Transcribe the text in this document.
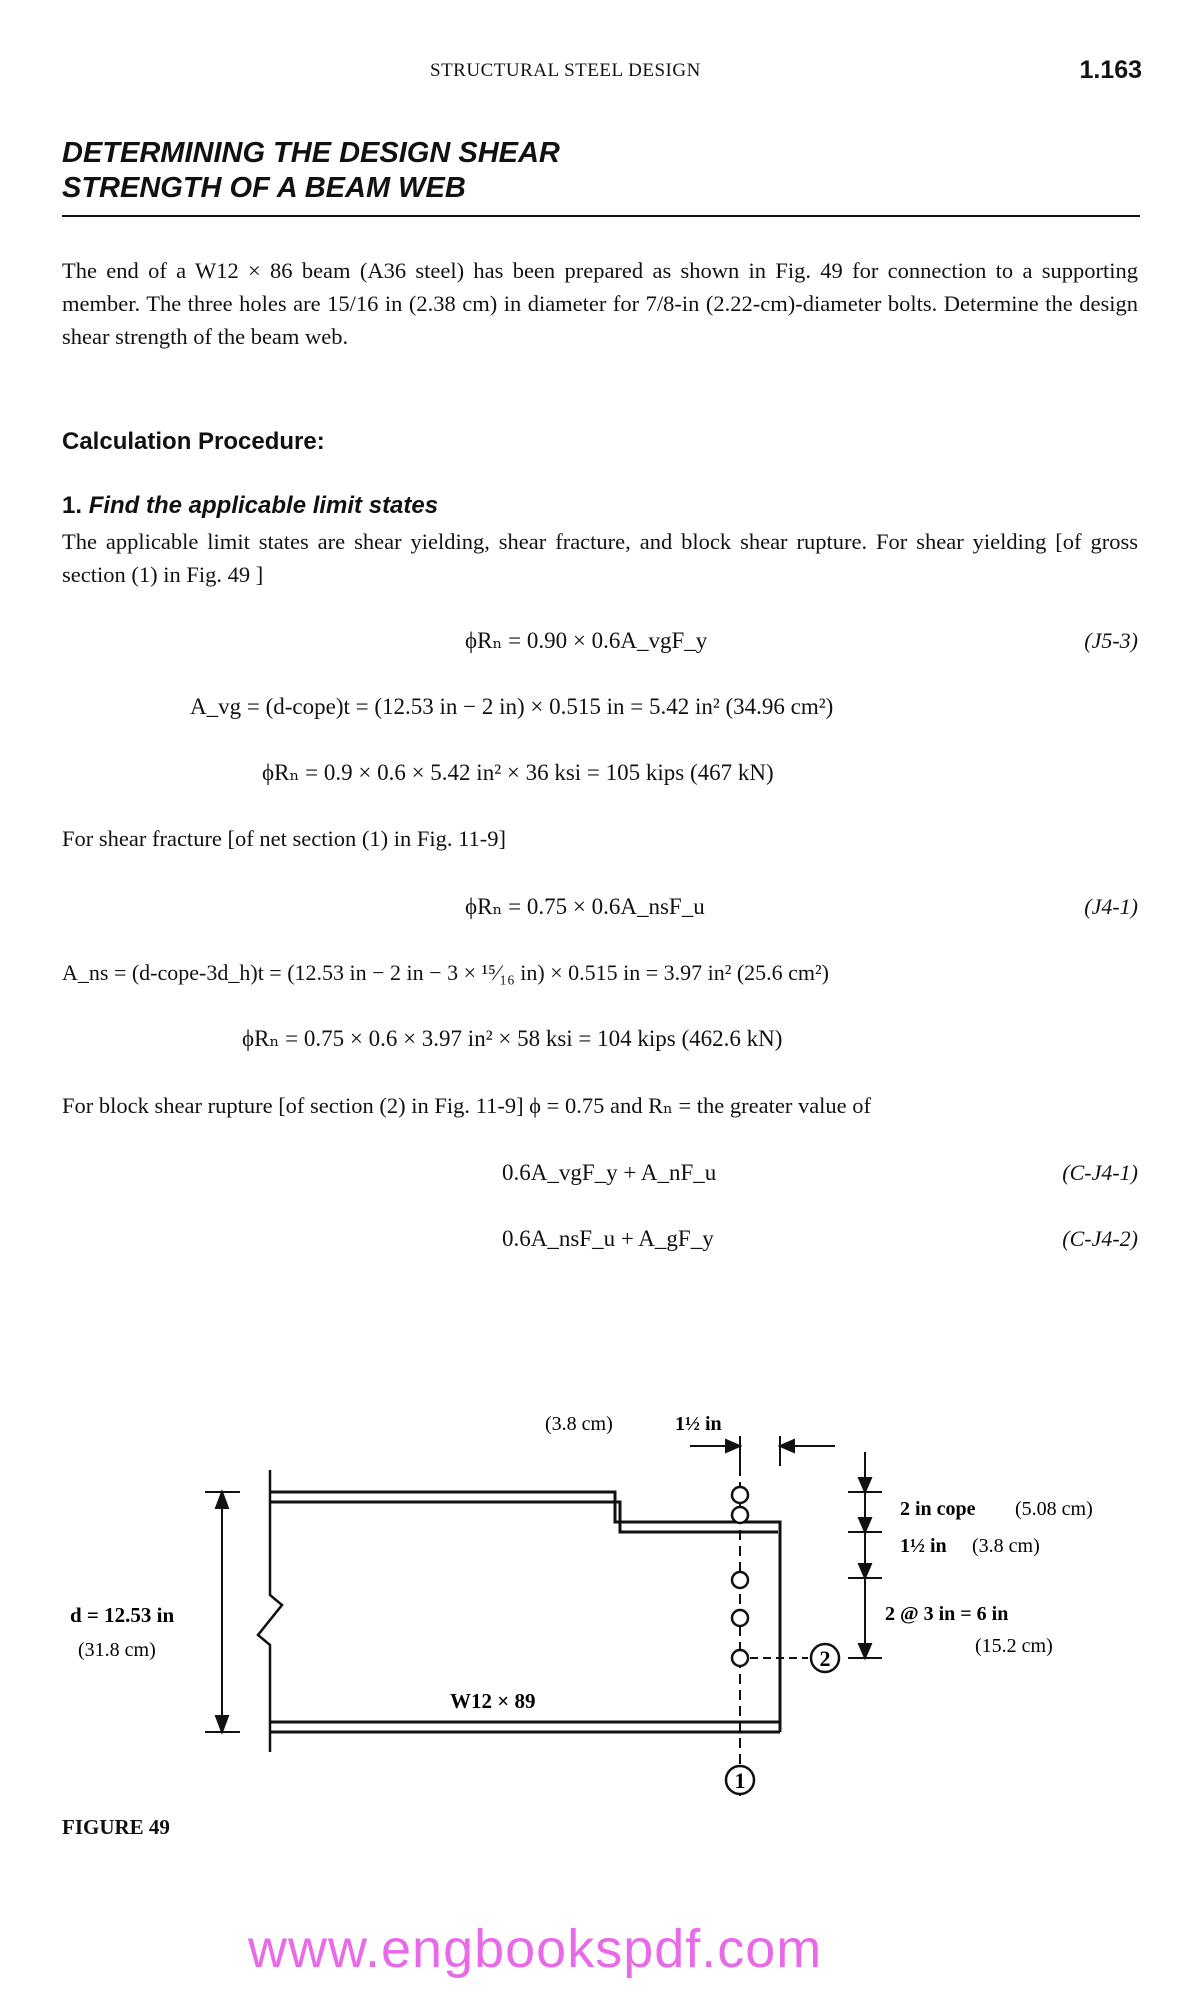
STRUCTURAL STEEL DESIGN	1.163
DETERMINING THE DESIGN SHEAR
STRENGTH OF A BEAM WEB
The end of a W12 × 86 beam (A36 steel) has been prepared as shown in Fig. 49 for connection to a supporting member. The three holes are 15/16 in (2.38 cm) in diameter for 7/8-in (2.22-cm)-diameter bolts. Determine the design shear strength of the beam web.
Calculation Procedure:
1. Find the applicable limit states
The applicable limit states are shear yielding, shear fracture, and block shear rupture. For shear yielding [of gross section (1) in Fig. 49 ]
ϕRₙ = 0.90 × 0.6A_vgF_y	(J5-3)
A_vg = (d-cope)t = (12.53 in − 2 in) × 0.515 in = 5.42 in² (34.96 cm²)
ϕRₙ = 0.9 × 0.6 × 5.42 in² × 36 ksi = 105 kips (467 kN)
For shear fracture [of net section (1) in Fig. 11-9]
ϕRₙ = 0.75 × 0.6A_nsF_u	(J4-1)
A_ns = (d-cope-3d_h)t = (12.53 in − 2 in − 3 × ¹⁵⁄₁₆ in) × 0.515 in = 3.97 in² (25.6 cm²)
ϕRₙ = 0.75 × 0.6 × 3.97 in² × 58 ksi = 104 kips (462.6 kN)
For block shear rupture [of section (2) in Fig. 11-9] ϕ = 0.75 and Rₙ = the greater value of
0.6A_vgF_y + A_nF_u	(C-J4-1)
0.6A_nsF_u + A_gF_y	(C-J4-2)
1
2
(3.8 cm)	1½ in
2 in cope (5.08 cm)
1½ in (3.8 cm)
2 @ 3 in = 6 in
(15.2 cm)
d = 12.53 in
(31.8 cm)
W12 × 89
FIGURE 49
www.engbookspdf.com
